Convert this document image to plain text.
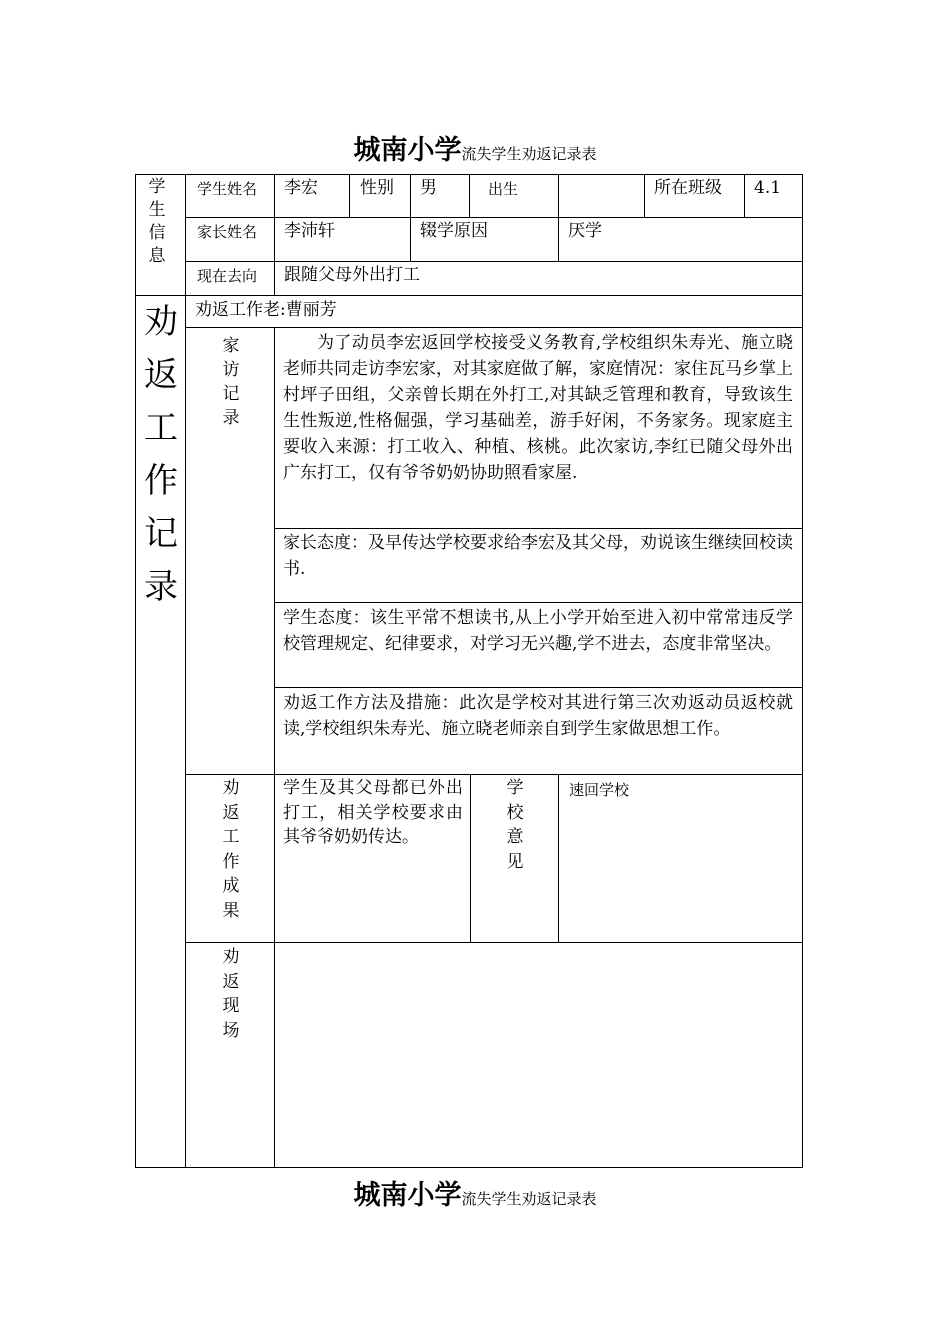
城南小学流失学生劝返记录表
学生信息
学生姓名 李宏 性别 男	出生	所在班级 4.1
家长姓名 李沛轩	辍学原因	厌学
现在去向 跟随父母外出打工
劝返工作记录
劝返工作老:曹丽芳
家访记录
为了动员李宏返回学校接受义务教育,学校组织朱寿光、施立晓老师共同走访李宏家，对其家庭做了解，家庭情况：家住瓦马乡掌上村坪子田组，父亲曾长期在外打工,对其缺乏管理和教育，导致该生生性叛逆,性格倔强，学习基础差，游手好闲，不务家务。现家庭主要收入来源：打工收入、种植、核桃。此次家访,李红已随父母外出广东打工，仅有爷爷奶奶协助照看家屋.
家长态度：及早传达学校要求给李宏及其父母，劝说该生继续回校读书.
学生态度：该生平常不想读书,从上小学开始至进入初中常常违反学校管理规定、纪律要求，对学习无兴趣,学不进去，态度非常坚决。
劝返工作方法及措施：此次是学校对其进行第三次劝返动员返校就读,学校组织朱寿光、施立晓老师亲自到学生家做思想工作。
劝返工作成果
学生及其父母都已外出打工，相关学校要求由其爷爷奶奶传达。
学校意见
速回学校
劝返现场
城南小学流失学生劝返记录表
